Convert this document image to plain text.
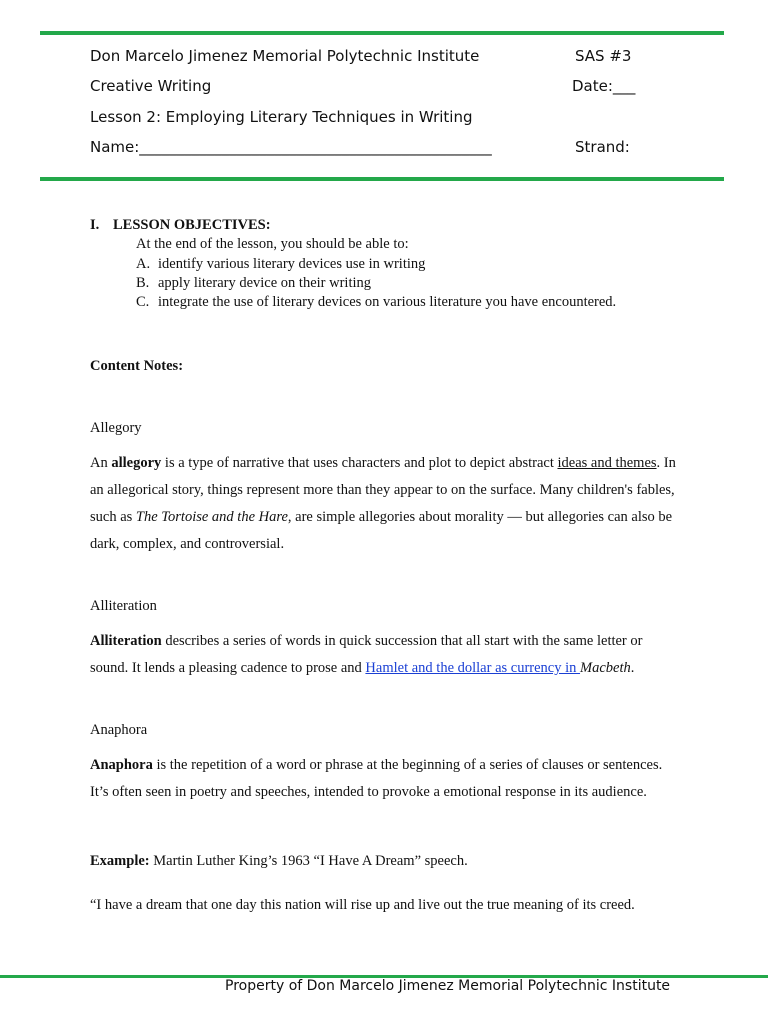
Don Marcelo Jimenez Memorial Polytechnic Institute	SAS #3
Creative Writing	Date:___
Lesson 2: Employing Literary Techniques in Writing
Name:_______________________________________________	Strand:
I. LESSON OBJECTIVES:
At the end of the lesson, you should be able to:
A. identify various literary devices use in writing
B. apply literary device on their writing
C. integrate the use of literary devices on various literature you have encountered.
Content Notes:
Allegory
An allegory is a type of narrative that uses characters and plot to depict abstract ideas and themes. In an allegorical story, things represent more than they appear to on the surface. Many children's fables, such as The Tortoise and the Hare, are simple allegories about morality — but allegories can also be dark, complex, and controversial.
Alliteration
Alliteration describes a series of words in quick succession that all start with the same letter or sound. It lends a pleasing cadence to prose and Hamlet and the dollar as currency in Macbeth.
Anaphora
Anaphora is the repetition of a word or phrase at the beginning of a series of clauses or sentences. It’s often seen in poetry and speeches, intended to provoke a emotional response in its audience.
Example: Martin Luther King’s 1963 “I Have A Dream” speech.
“I have a dream that one day this nation will rise up and live out the true meaning of its creed.
Property of Don Marcelo Jimenez Memorial Polytechnic Institute
